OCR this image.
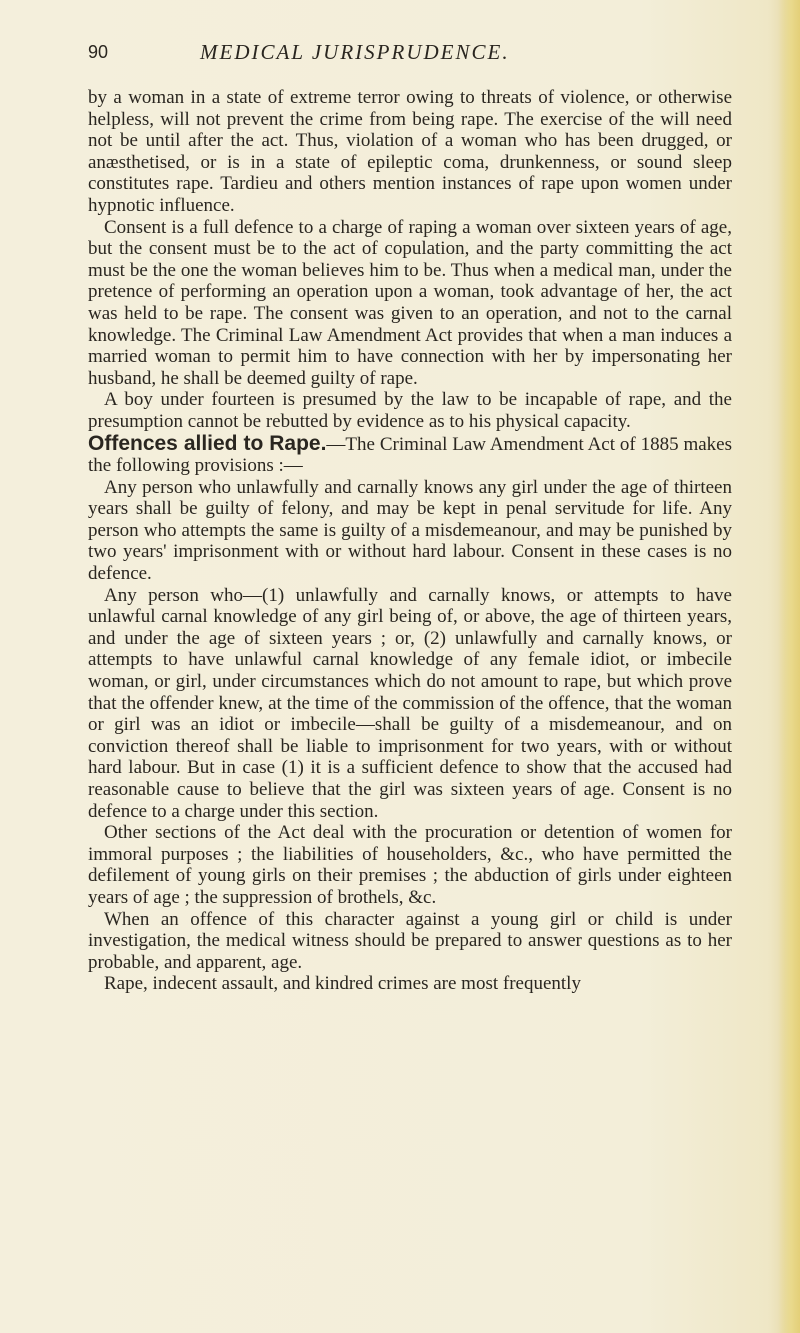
90	MEDICAL JURISPRUDENCE.

by a woman in a state of extreme terror owing to threats of violence, or otherwise helpless, will not prevent the crime from being rape. The exercise of the will need not be until after the act. Thus, violation of a woman who has been drugged, or anæsthetised, or is in a state of epileptic coma, drunkenness, or sound sleep constitutes rape. Tardieu and others mention instances of rape upon women under hypnotic influence.

Consent is a full defence to a charge of raping a woman over sixteen years of age, but the consent must be to the act of copulation, and the party committing the act must be the one the woman believes him to be. Thus when a medical man, under the pretence of performing an operation upon a woman, took advantage of her, the act was held to be rape. The consent was given to an operation, and not to the carnal knowledge. The Criminal Law Amendment Act provides that when a man induces a married woman to permit him to have connection with her by impersonating her husband, he shall be deemed guilty of rape.

A boy under fourteen is presumed by the law to be incapable of rape, and the presumption cannot be rebutted by evidence as to his physical capacity.

Offences allied to Rape.—The Criminal Law Amendment Act of 1885 makes the following provisions :—

Any person who unlawfully and carnally knows any girl under the age of thirteen years shall be guilty of felony, and may be kept in penal servitude for life. Any person who attempts the same is guilty of a misdemeanour, and may be punished by two years' imprisonment with or without hard labour. Consent in these cases is no defence.

Any person who—(1) unlawfully and carnally knows, or attempts to have unlawful carnal knowledge of any girl being of, or above, the age of thirteen years, and under the age of sixteen years ; or, (2) unlawfully and carnally knows, or attempts to have unlawful carnal knowledge of any female idiot, or imbecile woman, or girl, under circumstances which do not amount to rape, but which prove that the offender knew, at the time of the commission of the offence, that the woman or girl was an idiot or imbecile—shall be guilty of a misdemeanour, and on conviction thereof shall be liable to imprisonment for two years, with or without hard labour. But in case (1) it is a sufficient defence to show that the accused had reasonable cause to believe that the girl was sixteen years of age. Consent is no defence to a charge under this section.

Other sections of the Act deal with the procuration or detention of women for immoral purposes ; the liabilities of householders, &c., who have permitted the defilement of young girls on their premises ; the abduction of girls under eighteen years of age ; the suppression of brothels, &c.

When an offence of this character against a young girl or child is under investigation, the medical witness should be prepared to answer questions as to her probable, and apparent, age.

Rape, indecent assault, and kindred crimes are most frequently
